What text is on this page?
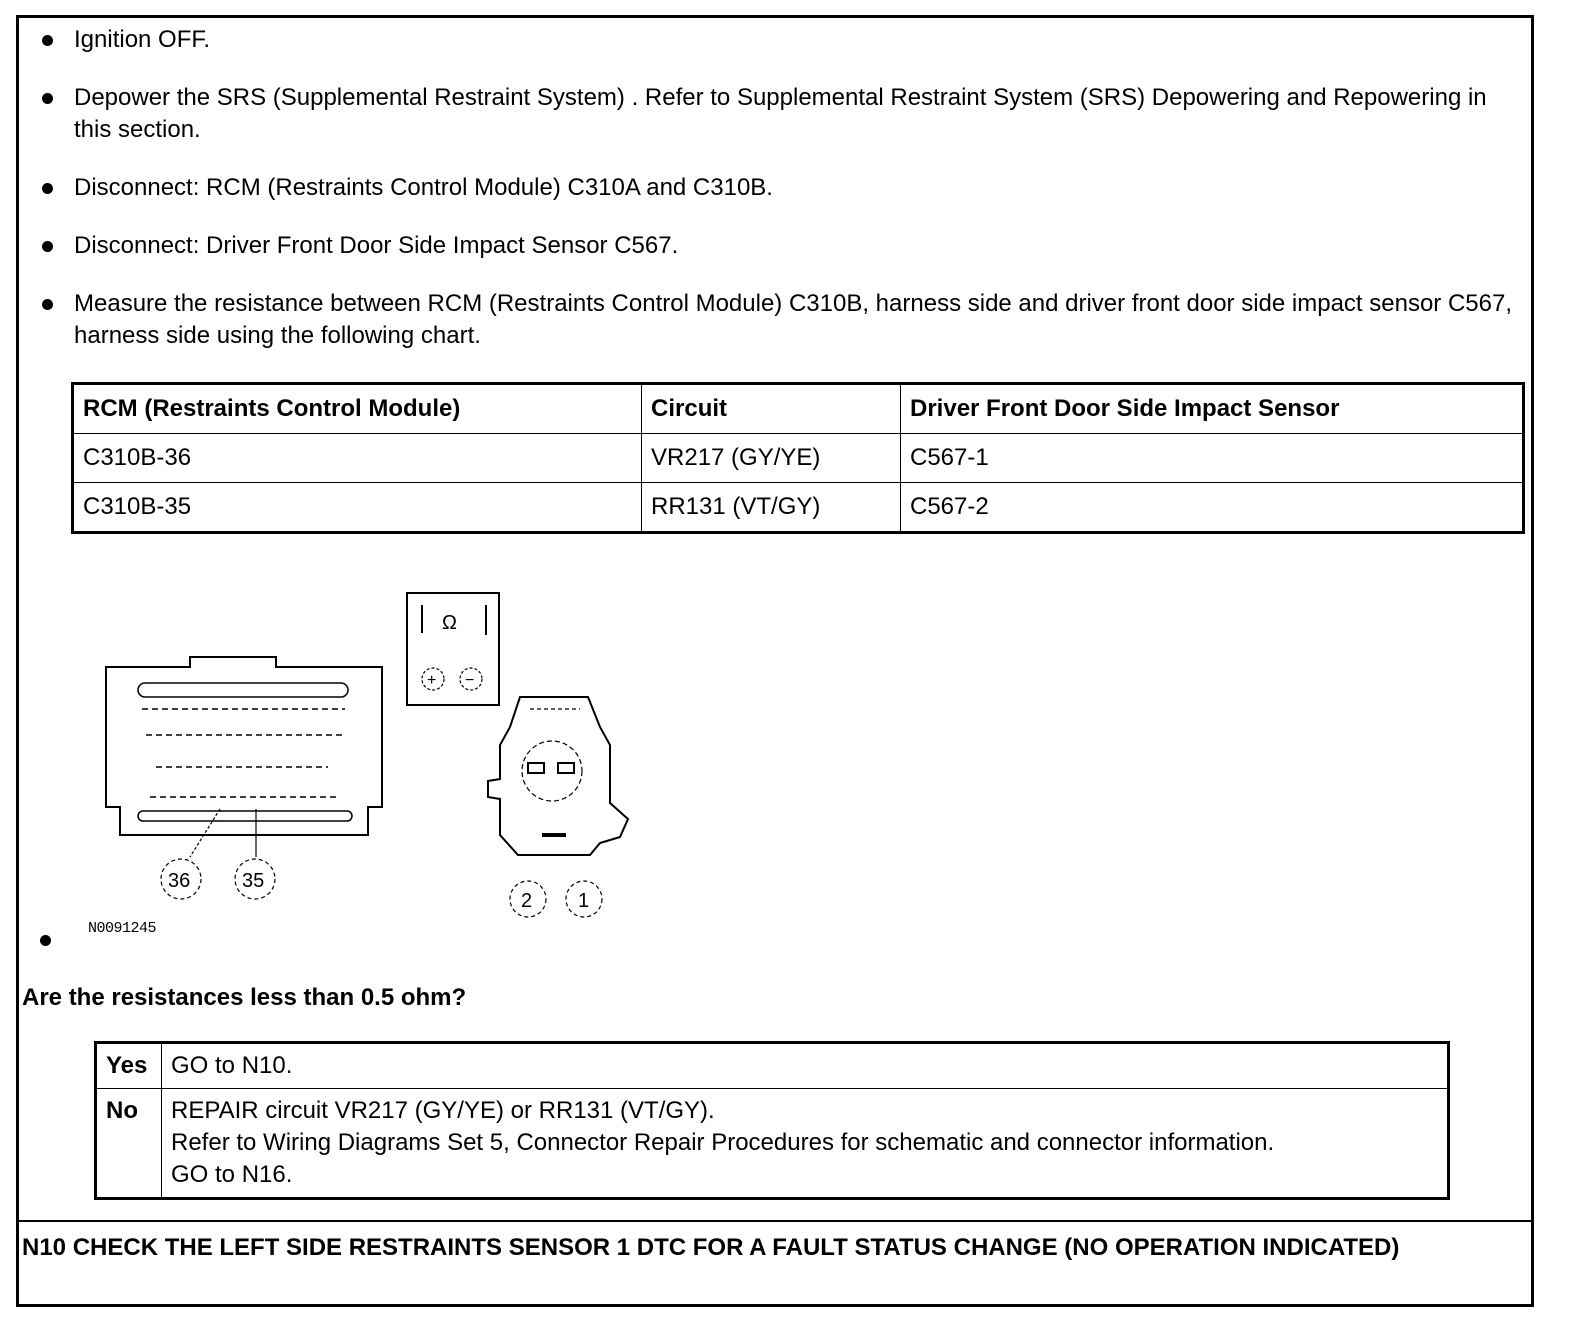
Ignition OFF.
Depower the SRS (Supplemental Restraint System) . Refer to Supplemental Restraint System (SRS) Depowering and Repowering in this section.
Disconnect: RCM (Restraints Control Module) C310A and C310B.
Disconnect: Driver Front Door Side Impact Sensor C567.
Measure the resistance between RCM (Restraints Control Module) C310B, harness side and driver front door side impact sensor C567, harness side using the following chart.
RCM (Restraints Control Module)	Circuit	Driver Front Door Side Impact Sensor
C310B-36	VR217 (GY/YE)	C567-1
C310B-35	RR131 (VT/GY)	C567-2
36	35
Ω
+ −
2 1
N0091245
Are the resistances less than 0.5 ohm?
Yes	GO to N10.
No	REPAIR circuit VR217 (GY/YE) or RR131 (VT/GY).
Refer to Wiring Diagrams Set 5, Connector Repair Procedures for schematic and connector information.
GO to N16.
N10 CHECK THE LEFT SIDE RESTRAINTS SENSOR 1 DTC FOR A FAULT STATUS CHANGE (NO OPERATION INDICATED)
